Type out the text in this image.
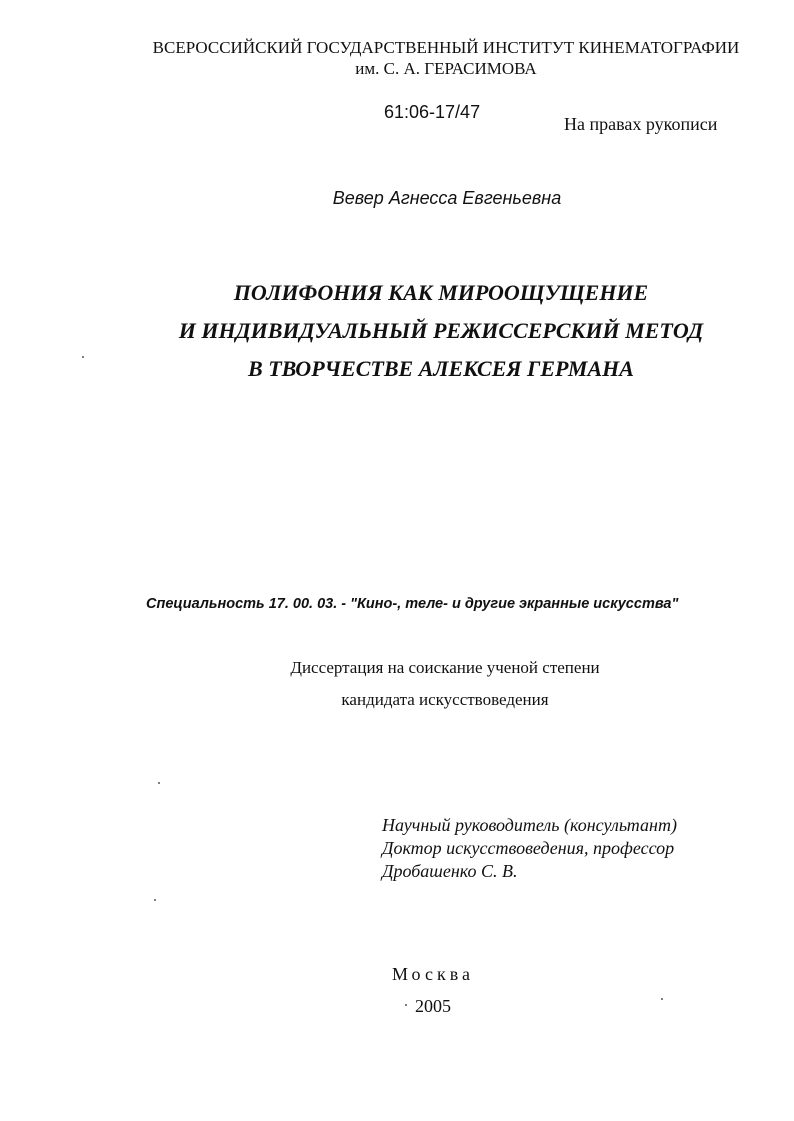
ВСЕРОССИЙСКИЙ ГОСУДАРСТВЕННЫЙ ИНСТИТУТ КИНЕМАТОГРАФИИ
им. С. А. ГЕРАСИМОВА
61:06-17/47
На правах рукописи
Вевер Агнесса Евгеньевна
ПОЛИФОНИЯ КАК МИРООЩУЩЕНИЕ
И ИНДИВИДУАЛЬНЫЙ РЕЖИССЕРСКИЙ МЕТОД
В ТВОРЧЕСТВЕ АЛЕКСЕЯ ГЕРМАНА
Специальность 17. 00. 03. - "Кино-, теле- и другие экранные искусства"
Диссертация на соискание ученой степени
кандидата искусствоведения
Научный руководитель (консультант)
Доктор искусствоведения, профессор
Дробашенко С. В.
Москва
2005
